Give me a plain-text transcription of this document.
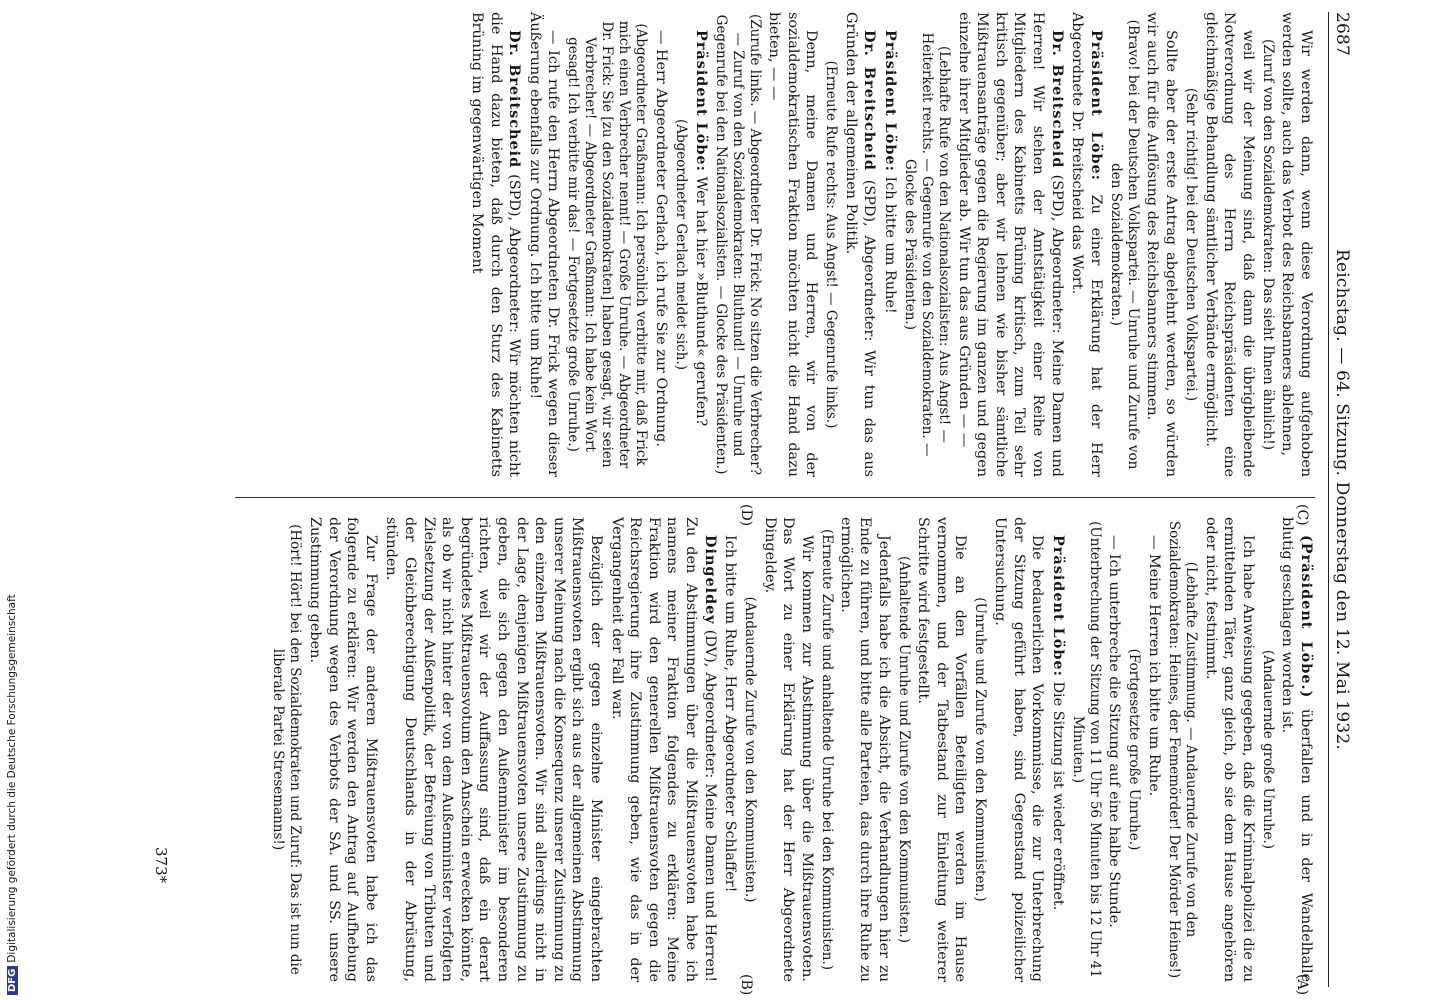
2687
Reichstag. — 64. Sitzung. Donnerstag den 12. Mai 1932.
(C)
(D)
(A)
(B)

Wir werden dann, wenn diese Verordnung aufgehoben werden sollte, auch das Verbot des Reichsbanners ablehnen,

(Zuruf von den Sozialdemokraten: Das sieht Ihnen ähnlich!)

weil wir der Meinung sind, daß dann die übrigbleibende Notverordnung des Herrn Reichspräsidenten eine gleichmäßige Behandlung sämtlicher Verbände ermöglicht.

(Sehr richtig! bei der Deutschen Volkspartei.)

Sollte aber der erste Antrag abgelehnt werden, so würden wir auch für die Auflösung des Reichsbanners stimmen.

(Bravo! bei der Deutschen Volkspartei. — Unruhe und Zurufe von den Sozialdemokraten.)

Präsident Löbe: Zu einer Erklärung hat der Herr Abgeordnete Dr. Breitscheid das Wort.

Dr. Breitscheid (SPD), Abgeordneter: Meine Damen und Herren! Wir stehen der Amtstätigkeit einer Reihe von Mitgliedern des Kabinetts Brüning kritisch, zum Teil sehr kritisch gegenüber; aber wir lehnen wie bisher sämtliche Mißtrauensanträge gegen die Regierung im ganzen und gegen einzelne ihrer Mitglieder ab. Wir tun das aus Gründen — —

(Lebhafte Rufe von den Nationalsozialisten: Aus Angst! — Heiterkeit rechts. — Gegenrufe von den Sozialdemokraten. — Glocke des Präsidenten.)

Präsident Löbe: Ich bitte um Ruhe!

Dr. Breitscheid (SPD), Abgeordneter: Wir tun das aus Gründen der allgemeinen Politik.

(Erneute Rufe rechts: Aus Angst! — Gegenrufe links.)

Denn, meine Damen und Herren, wir von der sozialdemokratischen Fraktion möchten nicht die Hand dazu bieten, — —

(Zurufe links. — Abgeordneter Dr. Frick: No sitzen die Verbrecher? — Zuruf von den Sozialdemokraten: Bluthund! — Unruhe und Gegenrufe bei den Nationalsozialisten. — Glocke des Präsidenten.)

Präsident Löbe: Wer hat hier »Bluthund« gerufen?

(Abgeordneter Gerlach meldet sich.)

— Herr Abgeordneter Gerlach, ich rufe Sie zur Ordnung.

(Abgeordneter Graßmann: Ich persönlich verbitte mir, daß Frick mich einen Verbrecher nennt! — Große Unruhe. — Abgeordneter Dr. Frick: Sie [zu den Sozialdemokraten] haben gesagt, wir seien Verbrecher! — Abgeordneter Graßmann: Ich habe kein Wort gesagt! Ich verbitte mir das! — Fortgesetzte große Unruhe.)

— Ich rufe den Herrn Abgeordneten Dr. Frick wegen dieser Äußerung ebenfalls zur Ordnung. Ich bitte um Ruhe!

Dr. Breitscheid (SPD), Abgeordneter: Wir möchten nicht die Hand dazu bieten, daß durch den Sturz des Kabinetts Brüning im gegenwärtigen Moment

(Präsident Löbe.) überfallen und in der Wandelhalle blutig geschlagen worden ist.

(Andauernde große Unruhe.)

Ich habe Anweisung gegeben, daß die Kriminalpolizei die zu ermittelnden Täter, ganz gleich, ob sie dem Hause angehören oder nicht, festnimmt.

(Lebhafte Zustimmung. — Andauernde Zurufe von den Sozialdemokraten: Heines, der Fememörder! Der Mörder Heines!)

— Meine Herren ich bitte um Ruhe.

(Fortgesetzte große Unruhe.)

— Ich unterbreche die Sitzung auf eine halbe Stunde.

(Unterbrechung der Sitzung von 11 Uhr 56 Minuten bis 12 Uhr 41 Minuten.)

Präsident Löbe: Die Sitzung ist wieder eröffnet.

Die bedauerlichen Vorkommnisse, die zur Unterbrechung der Sitzung geführt haben, sind Gegenstand polizeilicher Untersuchung.

(Unruhe und Zurufe von den Kommunisten.)

Die an den Vorfällen Beteiligten werden im Hause vernommen, und der Tatbestand zur Einleitung weiterer Schritte wird festgestellt.

(Anhaltende Unruhe und Zurufe von den Kommunisten.)

Jedenfalls habe ich die Absicht, die Verhandlungen hier zu Ende zu führen, und bitte alle Parteien, das durch ihre Ruhe zu ermöglichen.

(Erneute Zurufe und anhaltende Unruhe bei den Kommunisten.)

Wir kommen zur Abstimmung über die Mißtrauensvoten. Das Wort zu einer Erklärung hat der Herr Abgeordnete Dingeldey.

(Andauernde Zurufe von den Kommunisten.)

Ich bitte um Ruhe, Herr Abgeordneter Schlaffer!

Dingeldey (DV), Abgeordneter: Meine Damen und Herren! Zu den Abstimmungen über die Mißtrauensvoten habe ich namens meiner Fraktion folgendes zu erklären: Meine Fraktion wird den generellen Mißtrauensvoten gegen die Reichsregierung ihre Zustimmung geben, wie das in der Vergangenheit der Fall war.

Bezüglich der gegen einzelne Minister eingebrachten Mißtrauensvoten ergibt sich aus der allgemeinen Abstimmung unserer Meinung nach die Konsequenz unserer Zustimmung zu den einzelnen Mißtrauensvoten. Wir sind allerdings nicht in der Lage, denjenigen Mißtrauensvoten unsere Zustimmung zu geben, die sich gegen den Außenminister im besonderen richten, weil wir der Auffassung sind, daß ein derart begründetes Mißtrauensvotum den Anschein erwecken könnte, als ob wir nicht hinter der von dem Außenminister verfolgten Zielsetzung der Außenpolitik, der Befreiung von Tributen und der Gleichberechtigung Deutschlands in der Abrüstung, stünden.

Zur Frage der anderen Mißtrauensvoten habe ich das folgende zu erklären: Wir werden den Antrag auf Aufhebung der Verordnung wegen des Verbots der SA. und SS. unsere Zustimmung geben.

(Hört! Hört! bei den Sozialdemokraten und Zuruf: Das ist nun die liberale Partei Stresemanns!)

373*
DFG
Digitalisierung gefördert durch die Deutsche Forschungsgemeinschaft
